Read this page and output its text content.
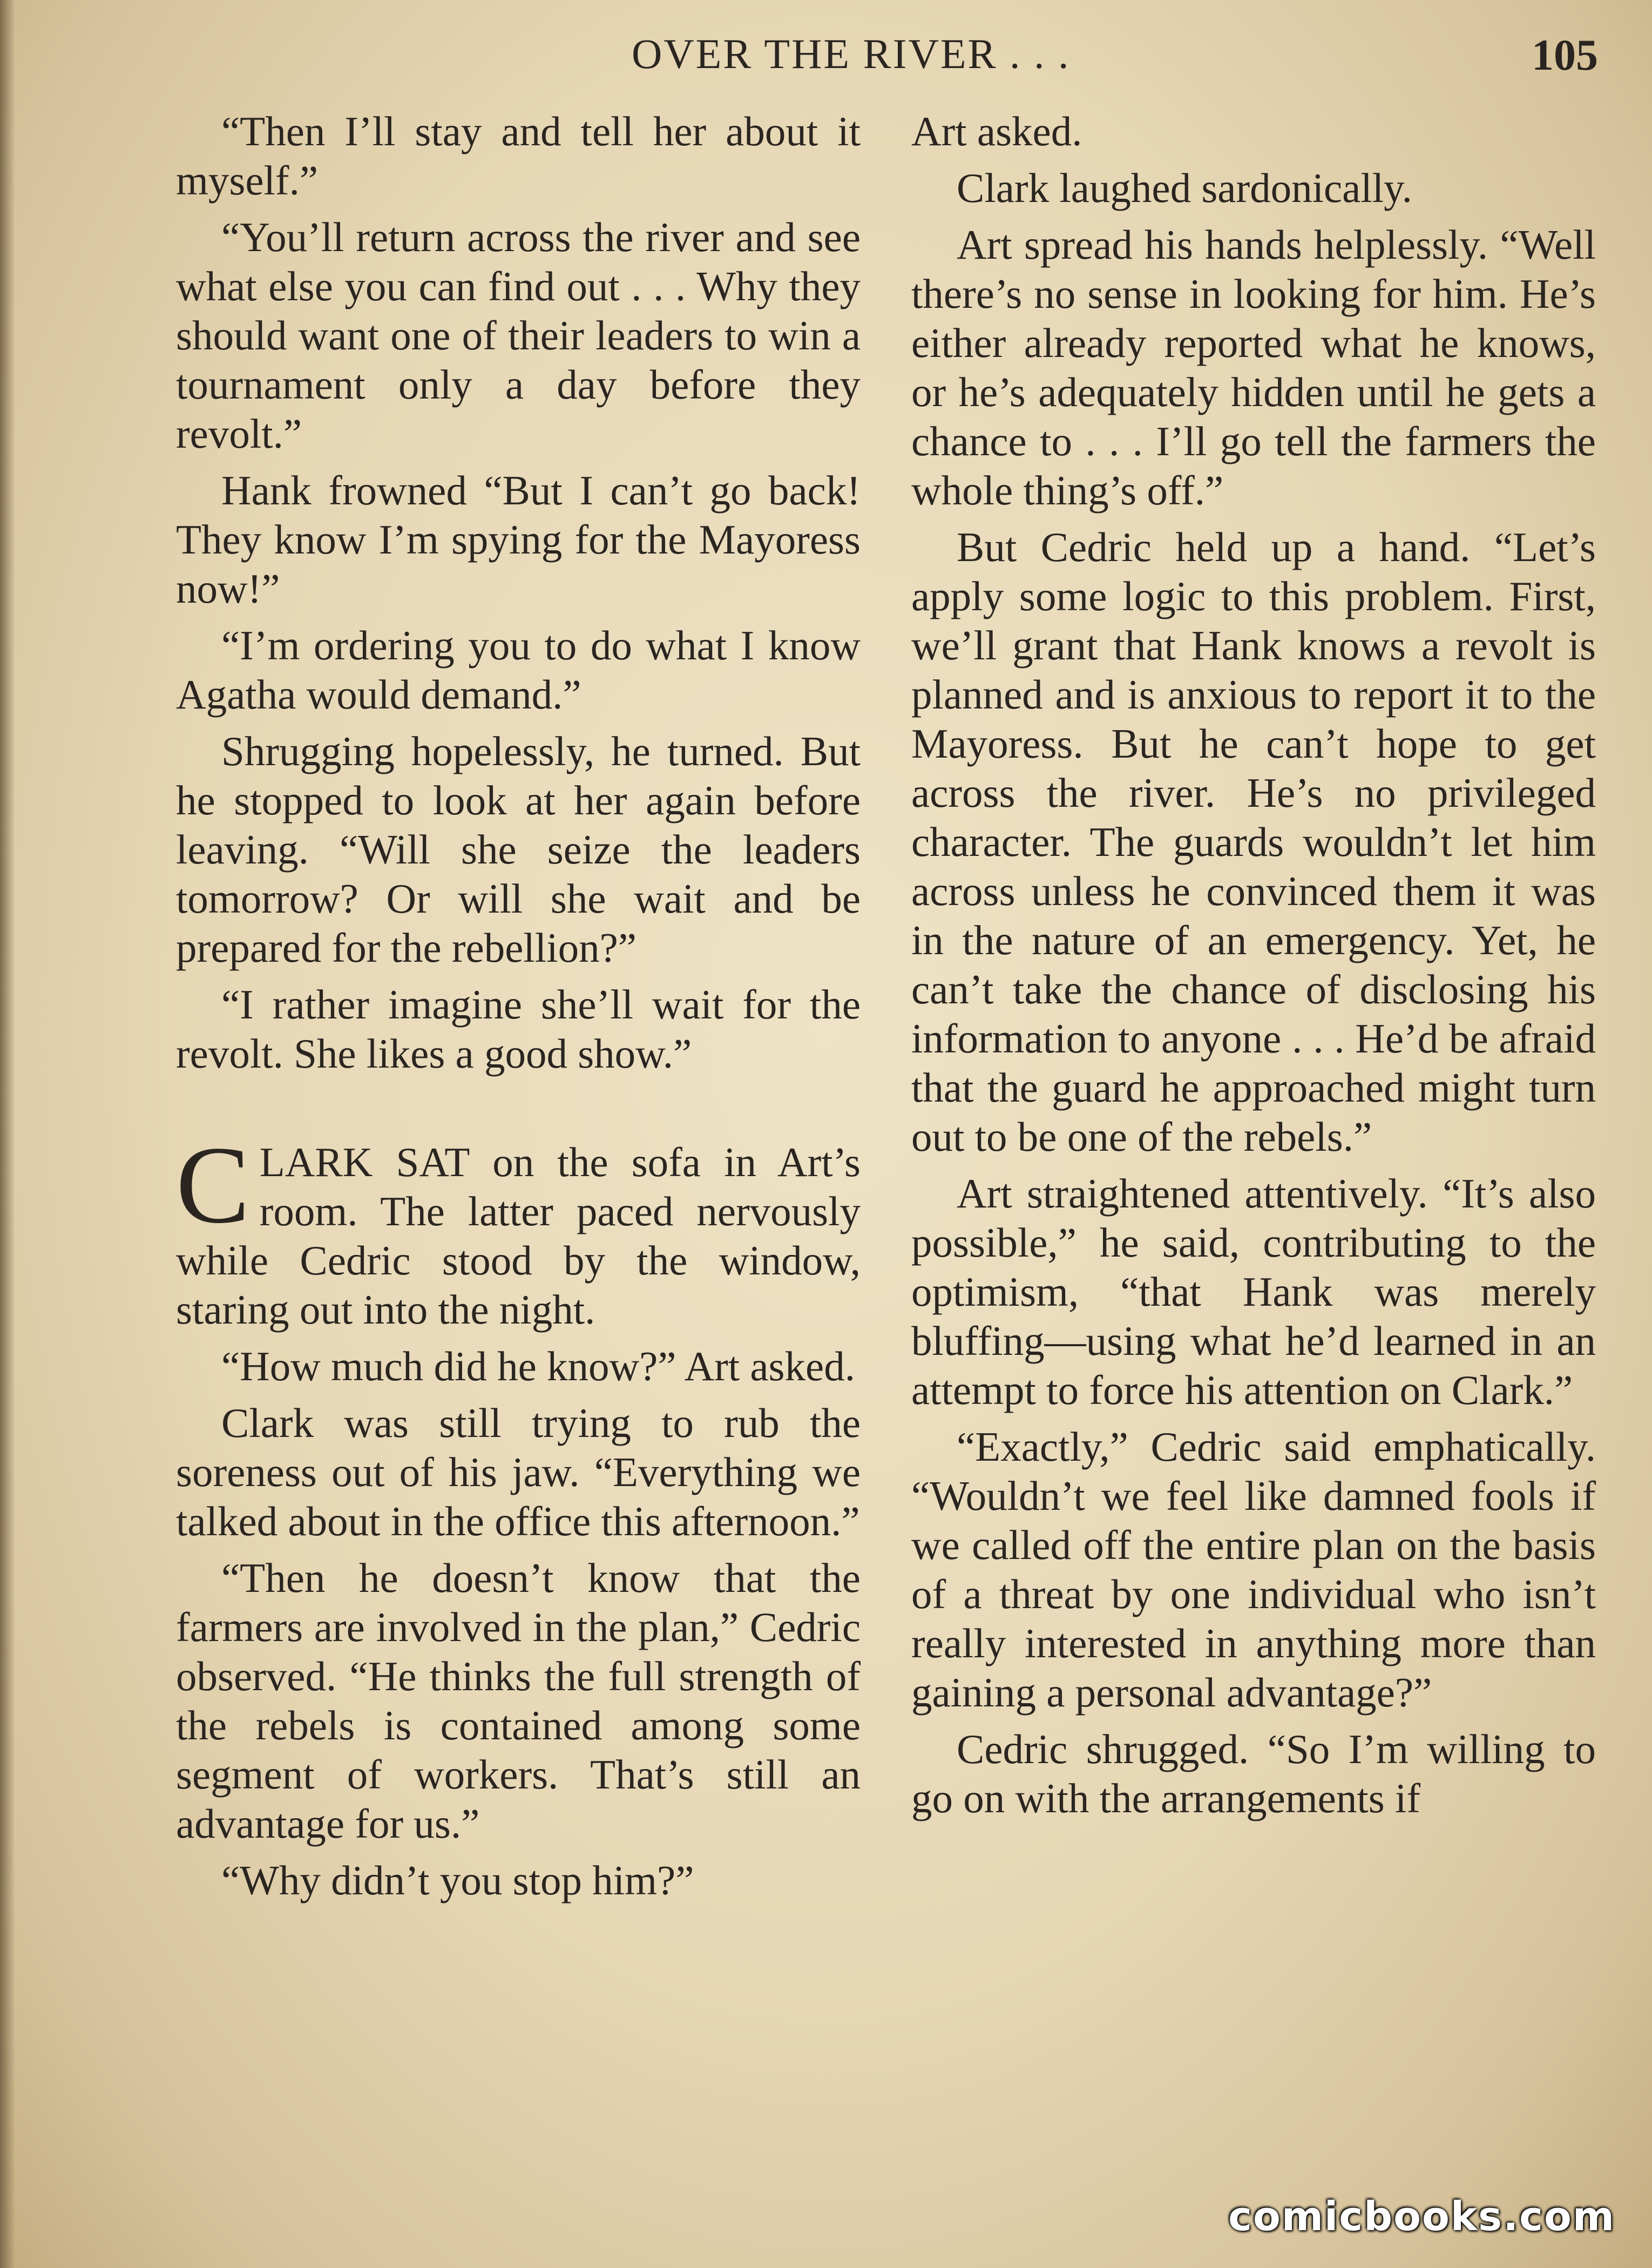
OVER THE RIVER . . .	105

“Then I’ll stay and tell her about it myself.”

“You’ll return across the river and see what else you can find out . . . Why they should want one of their leaders to win a tournament only a day before they revolt.”

Hank frowned “But I can’t go back! They know I’m spying for the Mayoress now!”

“I’m ordering you to do what I know Agatha would demand.”

Shrugging hopelessly, he turned. But he stopped to look at her again before leaving. “Will she seize the leaders tomorrow? Or will she wait and be prepared for the rebellion?”

“I rather imagine she’ll wait for the revolt. She likes a good show.”

CLARK SAT on the sofa in Art’s room. The latter paced nervously while Cedric stood by the window, staring out into the night.

“How much did he know?” Art asked.

Clark was still trying to rub the soreness out of his jaw. “Everything we talked about in the office this afternoon.”

“Then he doesn’t know that the farmers are involved in the plan,” Cedric observed. “He thinks the full strength of the rebels is contained among some segment of workers. That’s still an advantage for us.”

“Why didn’t you stop him?”

Art asked.

Clark laughed sardonically.

Art spread his hands helplessly. “Well there’s no sense in looking for him. He’s either already reported what he knows, or he’s adequately hidden until he gets a chance to . . . I’ll go tell the farmers the whole thing’s off.”

But Cedric held up a hand. “Let’s apply some logic to this problem. First, we’ll grant that Hank knows a revolt is planned and is anxious to report it to the Mayoress. But he can’t hope to get across the river. He’s no privileged character. The guards wouldn’t let him across unless he convinced them it was in the nature of an emergency. Yet, he can’t take the chance of disclosing his information to anyone . . . He’d be afraid that the guard he approached might turn out to be one of the rebels.”

Art straightened attentively. “It’s also possible,” he said, contributing to the optimism, “that Hank was merely bluffing—using what he’d learned in an attempt to force his attention on Clark.”

“Exactly,” Cedric said emphatically. “Wouldn’t we feel like damned fools if we called off the entire plan on the basis of a threat by one individual who isn’t really interested in anything more than gaining a personal advantage?”

Cedric shrugged. “So I’m willing to go on with the arrangements if

comicbooks.com
